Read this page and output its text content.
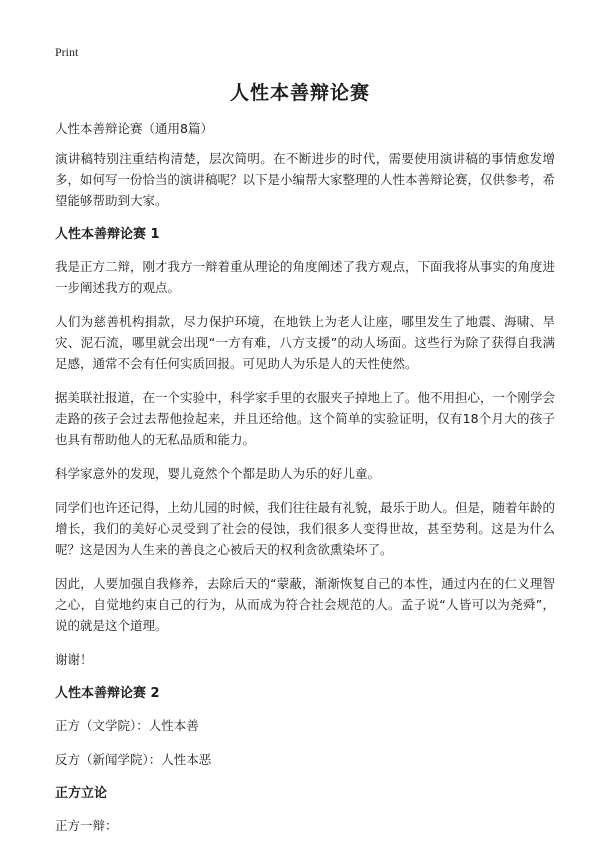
Print
人性本善辩论赛

人性本善辩论赛（通用8篇）

演讲稿特别注重结构清楚，层次简明。在不断进步的时代，需要使用演讲稿的事情愈发增多，如何写一份恰当的演讲稿呢？以下是小编帮大家整理的人性本善辩论赛，仅供参考，希望能够帮助到大家。

人性本善辩论赛 1

我是正方二辩，刚才我方一辩着重从理论的角度阐述了我方观点，下面我将从事实的角度进一步阐述我方的观点。

人们为慈善机构捐款，尽力保护环境，在地铁上为老人让座，哪里发生了地震、海啸、旱灾、泥石流，哪里就会出现“一方有难，八方支援”的动人场面。这些行为除了获得自我满足感，通常不会有任何实质回报。可见助人为乐是人的天性使然。

据美联社报道，在一个实验中，科学家手里的衣服夹子掉地上了。他不用担心，一个刚学会走路的孩子会过去帮他捡起来，并且还给他。这个简单的实验证明，仅有18个月大的孩子也具有帮助他人的无私品质和能力。

科学家意外的发现，婴儿竟然个个都是助人为乐的好儿童。

同学们也许还记得，上幼儿园的时候，我们往往最有礼貌，最乐于助人。但是，随着年龄的增长，我们的美好心灵受到了社会的侵蚀，我们很多人变得世故，甚至势利。这是为什么呢？这是因为人生来的善良之心被后天的权利贪欲熏染坏了。

因此，人要加强自我修养，去除后天的“蒙蔽，渐渐恢复自己的本性，通过内在的仁义理智之心，自觉地约束自己的行为，从而成为符合社会规范的人。孟子说“人皆可以为尧舜”，说的就是这个道理。

谢谢！

人性本善辩论赛 2

正方（文学院）：人性本善

反方（新闻学院）：人性本恶

正方立论

正方一辩：
